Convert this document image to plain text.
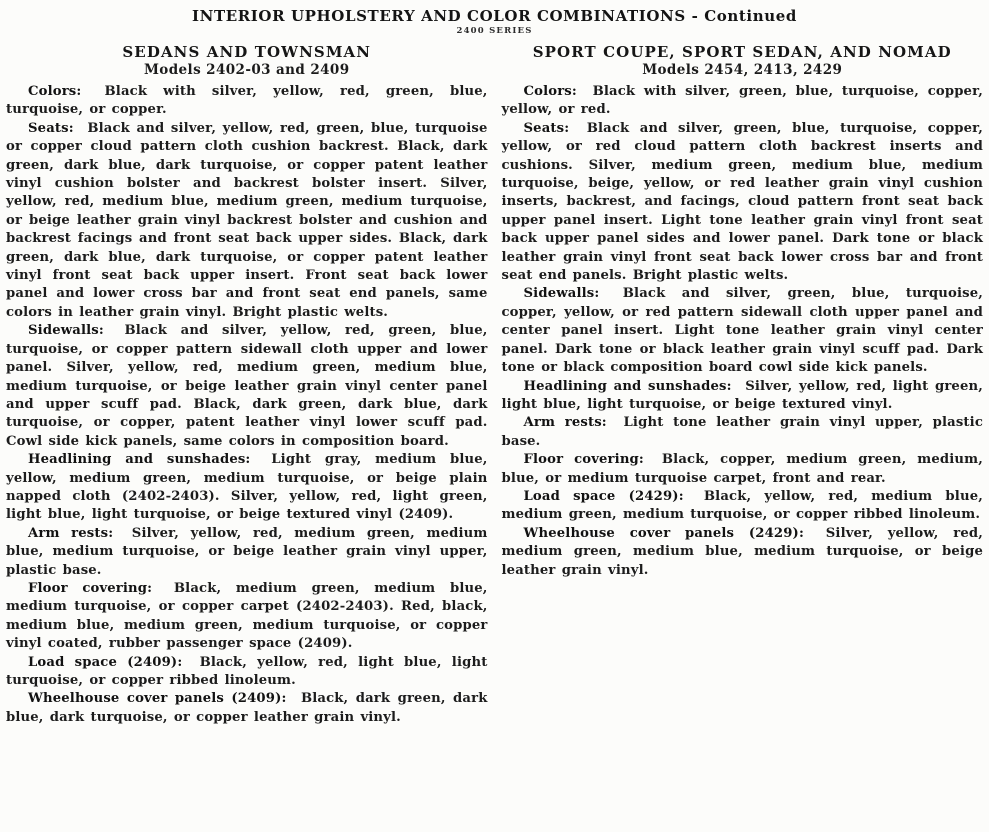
INTERIOR UPHOLSTERY AND COLOR COMBINATIONS - Continued
2400 SERIES
SEDANS AND TOWNSMAN
Models 2402-03 and 2409

Colors: Black with silver, yellow, red, green, blue, turquoise, or copper.

Seats: Black and silver, yellow, red, green, blue, turquoise or copper cloud pattern cloth cushion backrest. Black, dark green, dark blue, dark turquoise, or copper patent leather vinyl cushion bolster and backrest bolster insert. Silver, yellow, red, medium blue, medium green, medium turquoise, or beige leather grain vinyl backrest bolster and cushion and backrest facings and front seat back upper sides. Black, dark green, dark blue, dark turquoise, or copper patent leather vinyl front seat back upper insert. Front seat back lower panel and lower cross bar and front seat end panels, same colors in leather grain vinyl. Bright plastic welts.

Sidewalls: Black and silver, yellow, red, green, blue, turquoise, or copper pattern sidewall cloth upper and lower panel. Silver, yellow, red, medium green, medium blue, medium turquoise, or beige leather grain vinyl center panel and upper scuff pad. Black, dark green, dark blue, dark turquoise, or copper, patent leather vinyl lower scuff pad. Cowl side kick panels, same colors in composition board.

Headlining and sunshades: Light gray, medium blue, yellow, medium green, medium turquoise, or beige plain napped cloth (2402-2403). Silver, yellow, red, light green, light blue, light turquoise, or beige textured vinyl (2409).

Arm rests: Silver, yellow, red, medium green, medium blue, medium turquoise, or beige leather grain vinyl upper, plastic base.

Floor covering: Black, medium green, medium blue, medium turquoise, or copper carpet (2402-2403). Red, black, medium blue, medium green, medium turquoise, or copper vinyl coated, rubber passenger space (2409).

Load space (2409): Black, yellow, red, light blue, light turquoise, or copper ribbed linoleum.

Wheelhouse cover panels (2409): Black, dark green, dark blue, dark turquoise, or copper leather grain vinyl.

SPORT COUPE, SPORT SEDAN, AND NOMAD
Models 2454, 2413, 2429

Colors: Black with silver, green, blue, turquoise, copper, yellow, or red.

Seats: Black and silver, green, blue, turquoise, copper, yellow, or red cloud pattern cloth backrest inserts and cushions. Silver, medium green, medium blue, medium turquoise, beige, yellow, or red leather grain vinyl cushion inserts, backrest, and facings, cloud pattern front seat back upper panel insert. Light tone leather grain vinyl front seat back upper panel sides and lower panel. Dark tone or black leather grain vinyl front seat back lower cross bar and front seat end panels. Bright plastic welts.

Sidewalls: Black and silver, green, blue, turquoise, copper, yellow, or red pattern sidewall cloth upper panel and center panel insert. Light tone leather grain vinyl center panel. Dark tone or black leather grain vinyl scuff pad. Dark tone or black composition board cowl side kick panels.

Headlining and sunshades: Silver, yellow, red, light green, light blue, light turquoise, or beige textured vinyl.

Arm rests: Light tone leather grain vinyl upper, plastic base.

Floor covering: Black, copper, medium green, medium, blue, or medium turquoise carpet, front and rear.

Load space (2429): Black, yellow, red, medium blue, medium green, medium turquoise, or copper ribbed linoleum.

Wheelhouse cover panels (2429): Silver, yellow, red, medium green, medium blue, medium turquoise, or beige leather grain vinyl.
